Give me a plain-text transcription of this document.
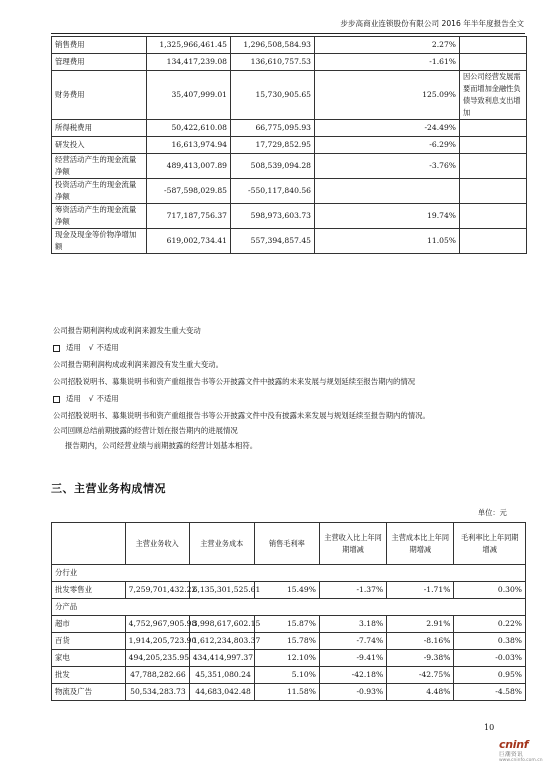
步步高商业连锁股份有限公司 2016 年半年度报告全文
销售费用	1,325,966,461.45	1,296,508,584.93	2.27%	
管理费用	134,417,239.08	136,610,757.53	-1.61%	
财务费用	35,407,999.01	15,730,905.65	125.09%	因公司经营发展需要而增加金融性负债导致利息支出增加
所得税费用	50,422,610.08	66,775,095.93	-24.49%	
研发投入	16,613,974.94	17,729,852.95	-6.29%	
经营活动产生的现金流量净额	489,413,007.89	508,539,094.28	-3.76%	
投资活动产生的现金流量净额	-587,598,029.85	-550,117,840.56		
筹资活动产生的现金流量净额	717,187,756.37	598,973,603.73	19.74%	
现金及现金等价物净增加额	619,002,734.41	557,394,857.45	11.05%	
公司报告期利润构成或利润来源发生重大变动
适用 √ 不适用
公司报告期利润构成或利润来源没有发生重大变动。
公司招股说明书、募集说明书和资产重组报告书等公开披露文件中披露的未来发展与规划延续至报告期内的情况
适用 √ 不适用
公司招股说明书、募集说明书和资产重组报告书等公开披露文件中没有披露未来发展与规划延续至报告期内的情况。
公司回顾总结前期披露的经营计划在报告期内的进展情况
报告期内，公司经营业绩与前期披露的经营计划基本相符。
三、主营业务构成情况
单位：元
	主营业务收入	主营业务成本	销售毛利率	主营收入比上年同期增减	主营成本比上年同期增减	毛利率比上年同期增减
分行业						
批发零售业	7,259,701,432.22	6,135,301,525.61	15.49%	-1.37%	-1.71%	0.30%
分产品						
超市	4,752,967,905.98	3,998,617,602.15	15.87%	3.18%	2.91%	0.22%
百货	1,914,205,723.90	1,612,234,803.37	15.78%	-7.74%	-8.16%	0.38%
家电	494,205,235.95	434,414,997.37	12.10%	-9.41%	-9.38%	-0.03%
批发	47,788,282.66	45,351,080.24	5.10%	-42.18%	-42.75%	0.95%
物流及广告	50,534,283.73	44,683,042.48	11.58%	-0.93%	4.48%	-4.58%
10
cninf
巨潮资讯
www.cninfo.com.cn
